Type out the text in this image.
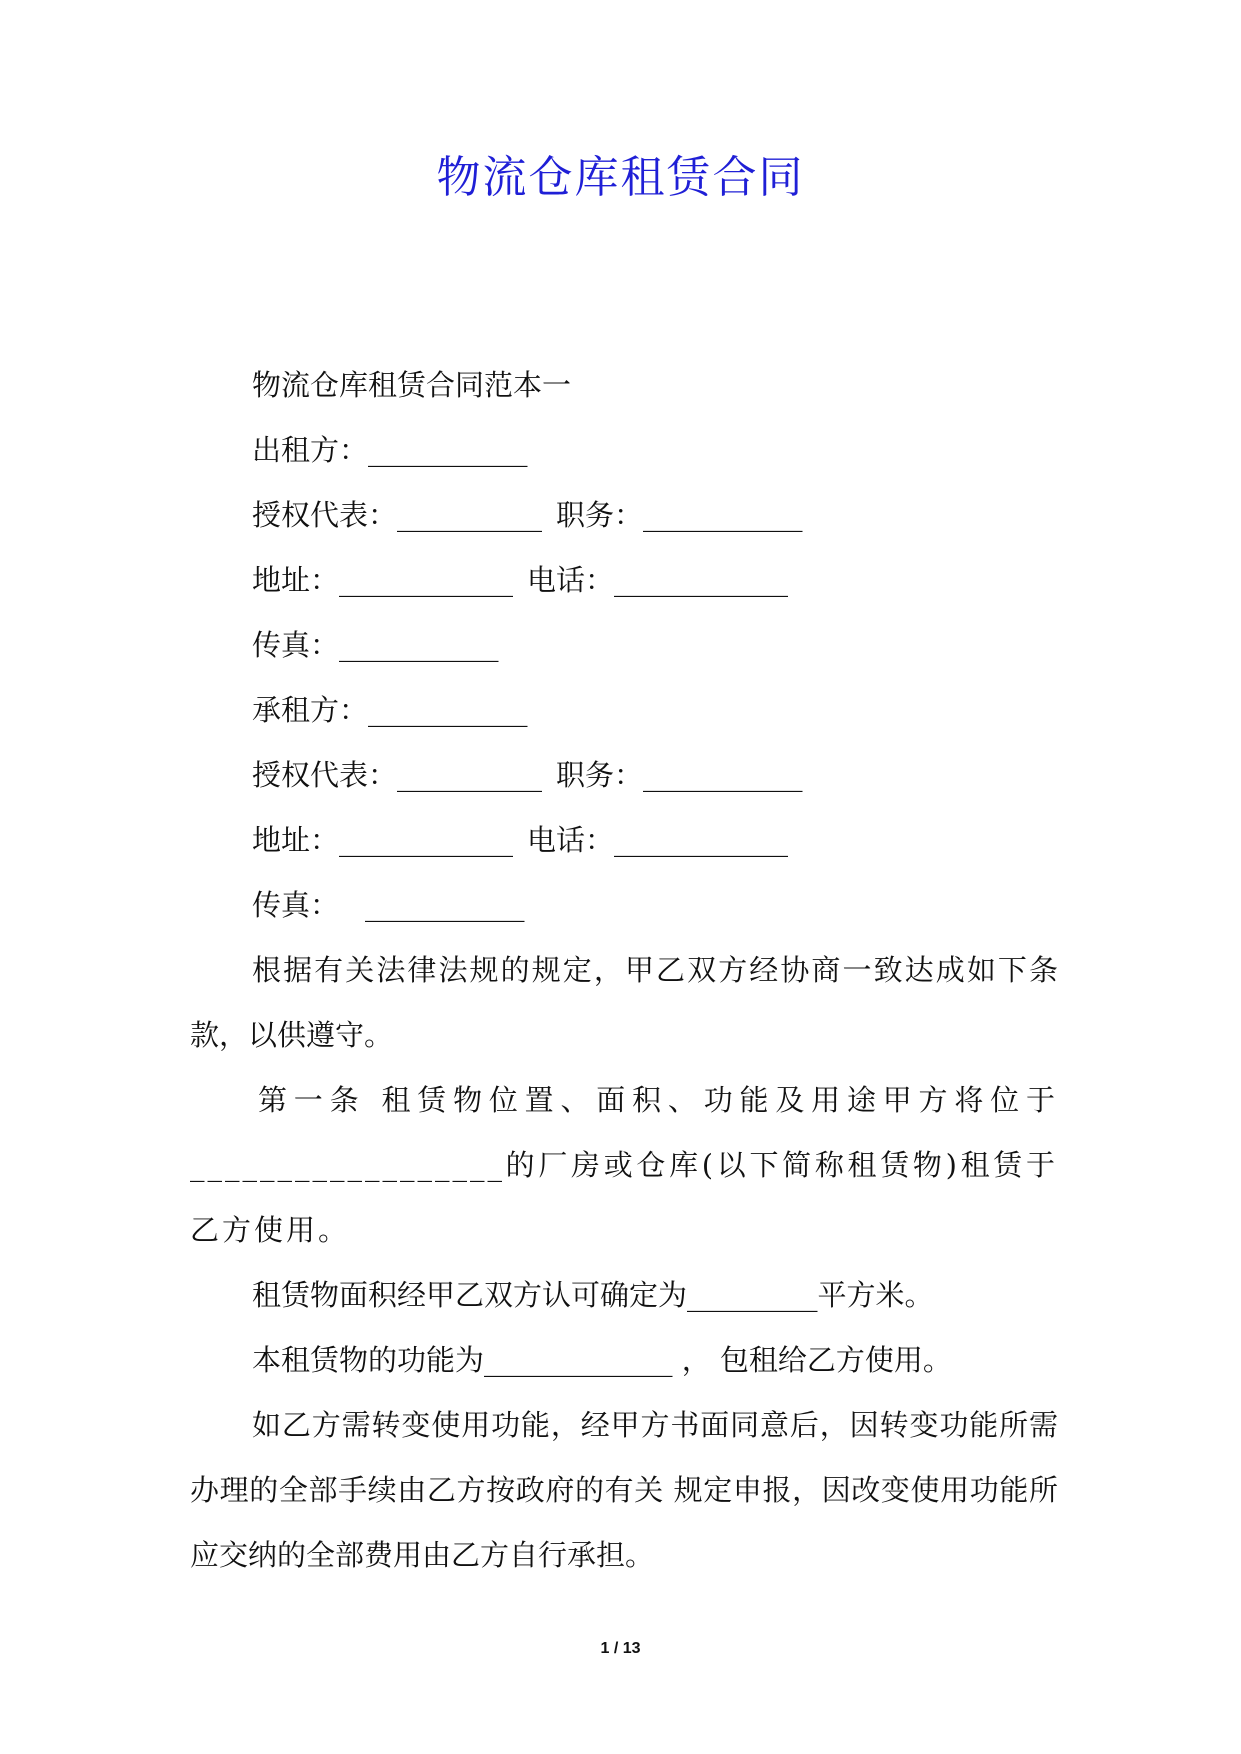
物流仓库租赁合同
物流仓库租赁合同范本一
出租方：___________
授权代表：__________ 职务：___________
地址：____________ 电话：____________
传真：___________
承租方：___________
授权代表：__________ 职务：___________
地址：____________ 电话：____________
传真： ___________
根据有关法律法规的规定，甲乙双方经协商一致达成如下条款，以供遵守。
第一条 租赁物位置、面积、功能及用途甲方将位于__________________的厂房或仓库(以下简称租赁物)租赁于 乙方使用。
租赁物面积经甲乙双方认可确定为_________平方米。
本租赁物的功能为_____________ ， 包租给乙方使用。
如乙方需转变使用功能，经甲方书面同意后，因转变功能所需办理的全部手续由乙方按政府的有关 规定申报，因改变使用功能所应交纳的全部费用由乙方自行承担。
1 / 13
